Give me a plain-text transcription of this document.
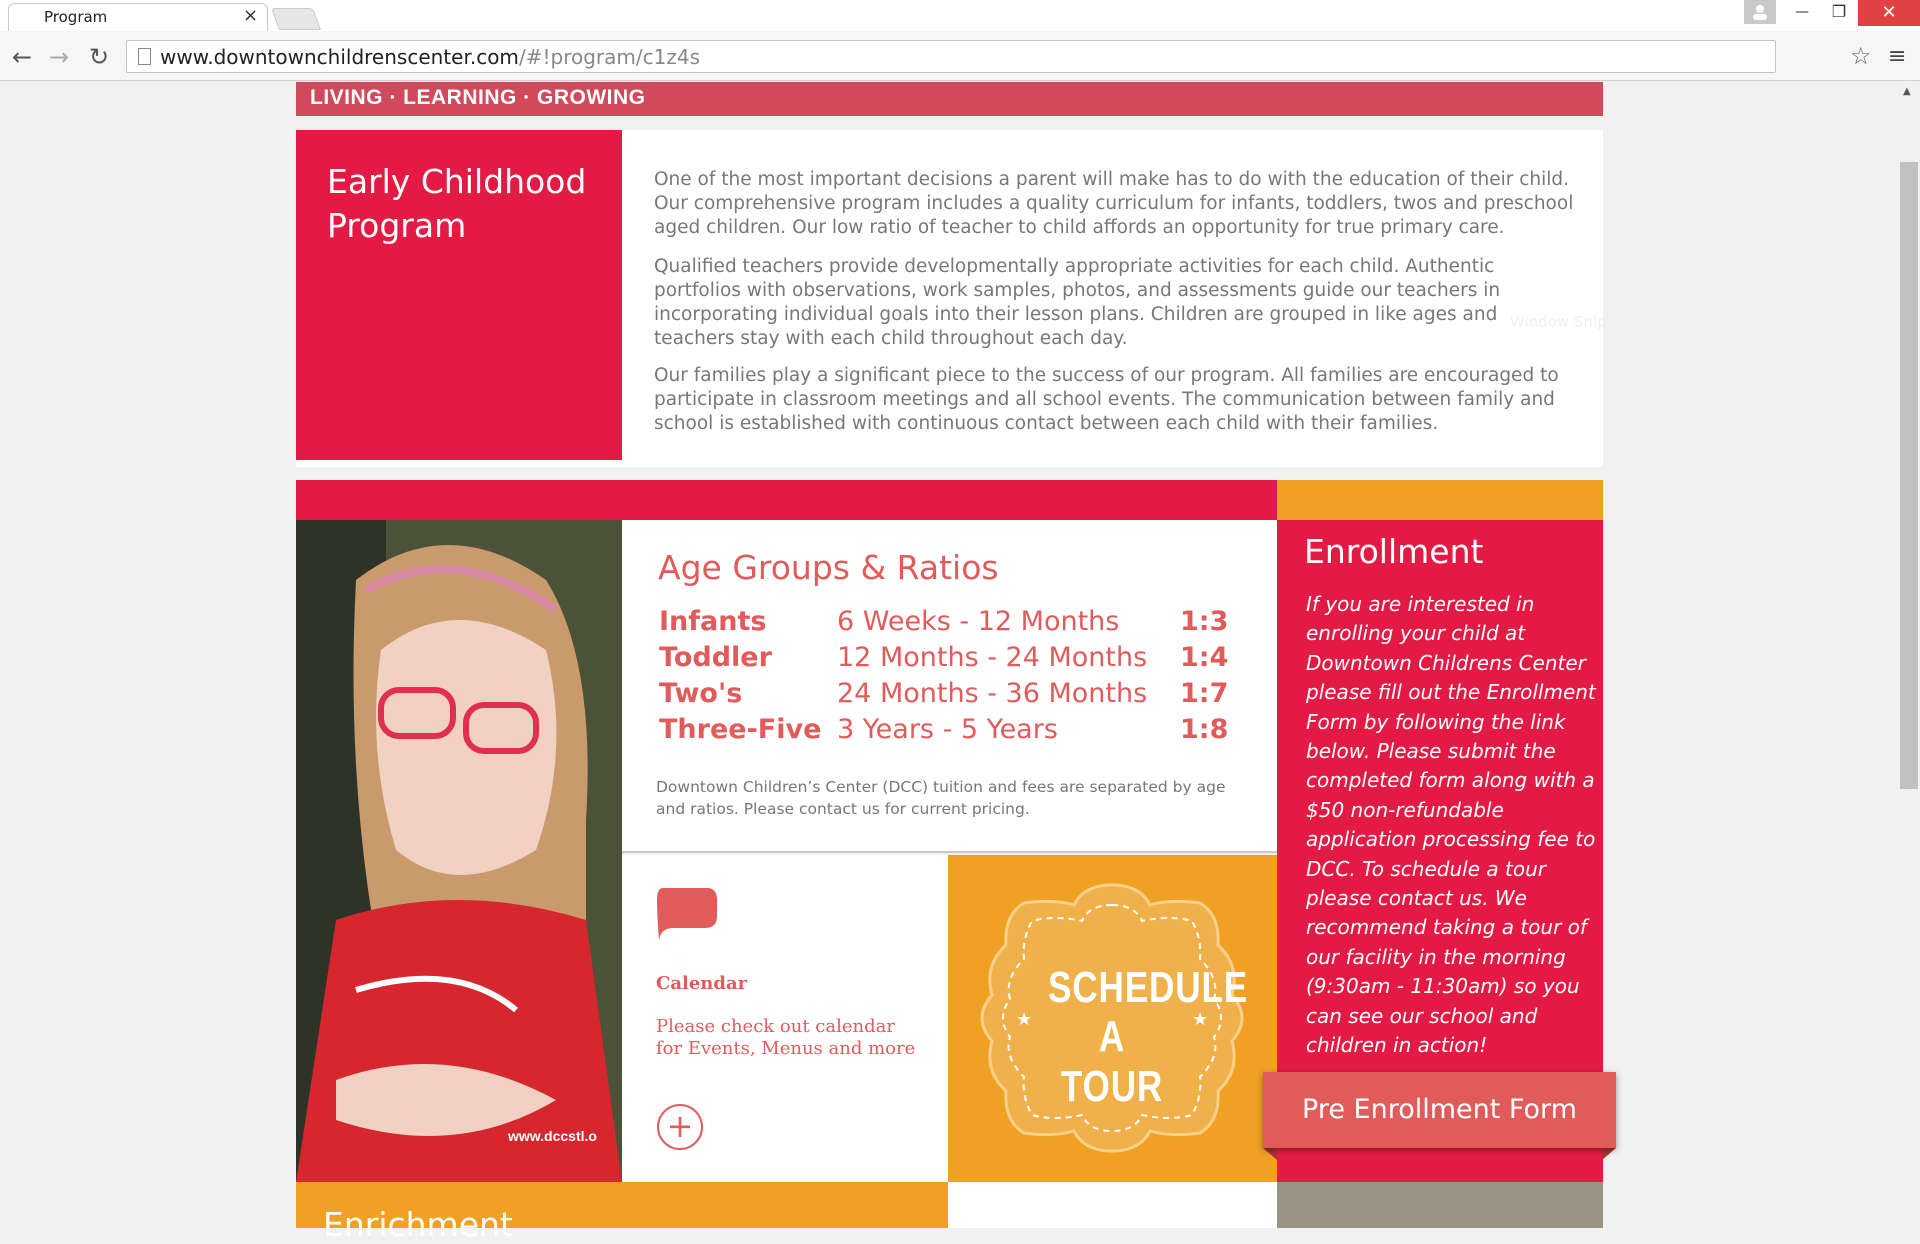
Program	×	—	❐	✕
← → ↻	www.downtownchildrenscenter.com /#!program/c1z4s	☆ ≡
▲
LIVING · LEARNING · GROWING
Early Childhood Program

One of the most important decisions a parent will make has to do with the education of their child. Our comprehensive program includes a quality curriculum for infants, toddlers, twos and preschool aged children. Our low ratio of teacher to child affords an opportunity for true primary care.

Qualified teachers provide developmentally appropriate activities for each child. Authentic portfolios with observations, work samples, photos, and assessments guide our teachers in incorporating individual goals into their lesson plans. Children are grouped in like ages and teachers stay with each child throughout each day.

Our families play a significant piece to the success of our program. All families are encouraged to participate in classroom meetings and all school events. The communication between family and school is established with continuous contact between each child with their families.

Window Snip
www.dccstl.o
Age Groups & Ratios
Infants	6 Weeks - 12 Months 1:3
Toddler 12 Months - 24 Months 1:4
Two's	24 Months - 36 Months 1:7
Three-Five 3 Years - 5 Years	1:8
Downtown Children’s Center (DCC) tuition and fees are separated by age and ratios. Please contact us for current pricing.
Calendar
Please check out calendar for Events, Menus and more
+
★	★
SCHEDULE
A TOUR
Enrollment
If you are interested in enrolling your child at Downtown Childrens Center please fill out the Enrollment Form by following the link below. Please submit the completed form along with a $50 non-refundable application processing fee to DCC. To schedule a tour please contact us. We recommend taking a tour of our facility in the morning (9:30am - 11:30am) so you can see our school and children in action!
Pre Enrollment Form
Enrichment
